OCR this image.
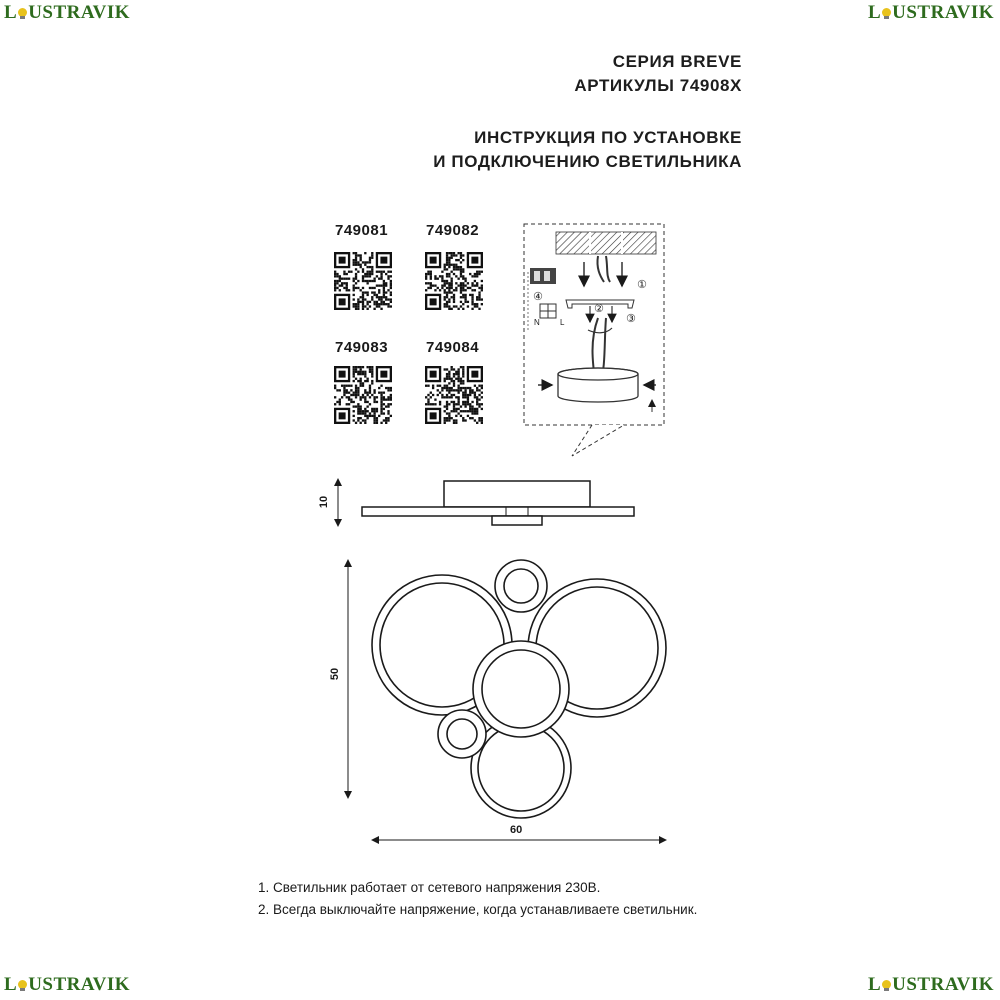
L USTRAVIK	L USTRAVIK
L USTRAVIK	L USTRAVIK
СЕРИЯ BREVE
АРТИКУЛЫ 74908X
ИНСТРУКЦИЯ ПО УСТАНОВКЕ
И ПОДКЛЮЧЕНИЮ СВЕТИЛЬНИКА
749081	749082
749083	749084
①
②
③
④
N	L
10
50
60
1. Светильник работает от сетевого напряжения 230В.
2. Всегда выключайте напряжение, когда устанавливаете светильник.
